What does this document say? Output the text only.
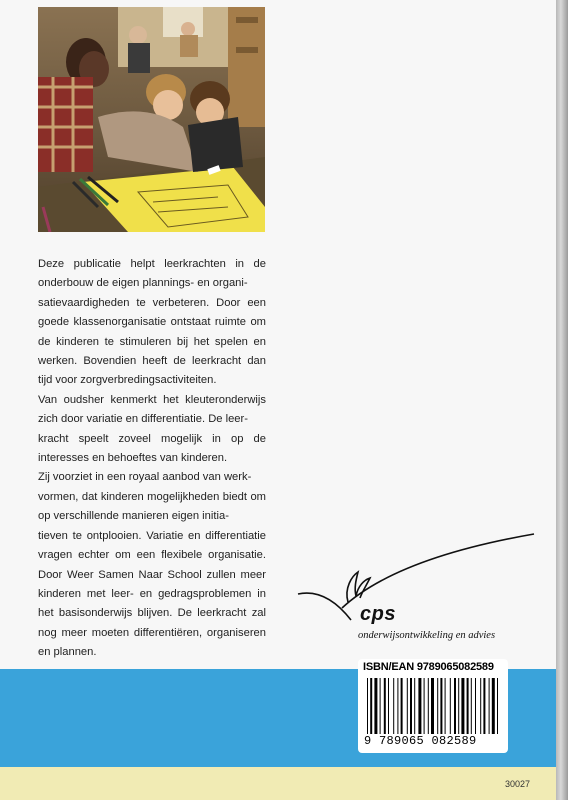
Deze publicatie helpt leerkrachten in de onderbouw de eigen plannings- en organi-
satievaardigheden te verbeteren. Door een goede klassenorganisatie ontstaat ruimte om de kinderen te stimuleren bij het spelen en werken. Bovendien heeft de leerkracht dan tijd voor zorgverbredingsactiviteiten.
Van oudsher kenmerkt het kleuteronderwijs zich door variatie en differentiatie. De leer-
kracht speelt zoveel mogelijk in op de interesses en behoeftes van kinderen.
Zij voorziet in een royaal aanbod van werk-
vormen, dat kinderen mogelijkheden biedt om op verschillende manieren eigen initia-
tieven te ontplooien. Variatie en differentiatie vragen echter om een flexibele organisatie. Door Weer Samen Naar School zullen meer kinderen met leer- en gedragsproblemen in het basisonderwijs blijven. De leerkracht zal nog meer moeten differentiëren, organiseren en plannen.

cps
onderwijsontwikkeling en advies
30027
ISBN/EAN 9789065082589
9 789065 082589
